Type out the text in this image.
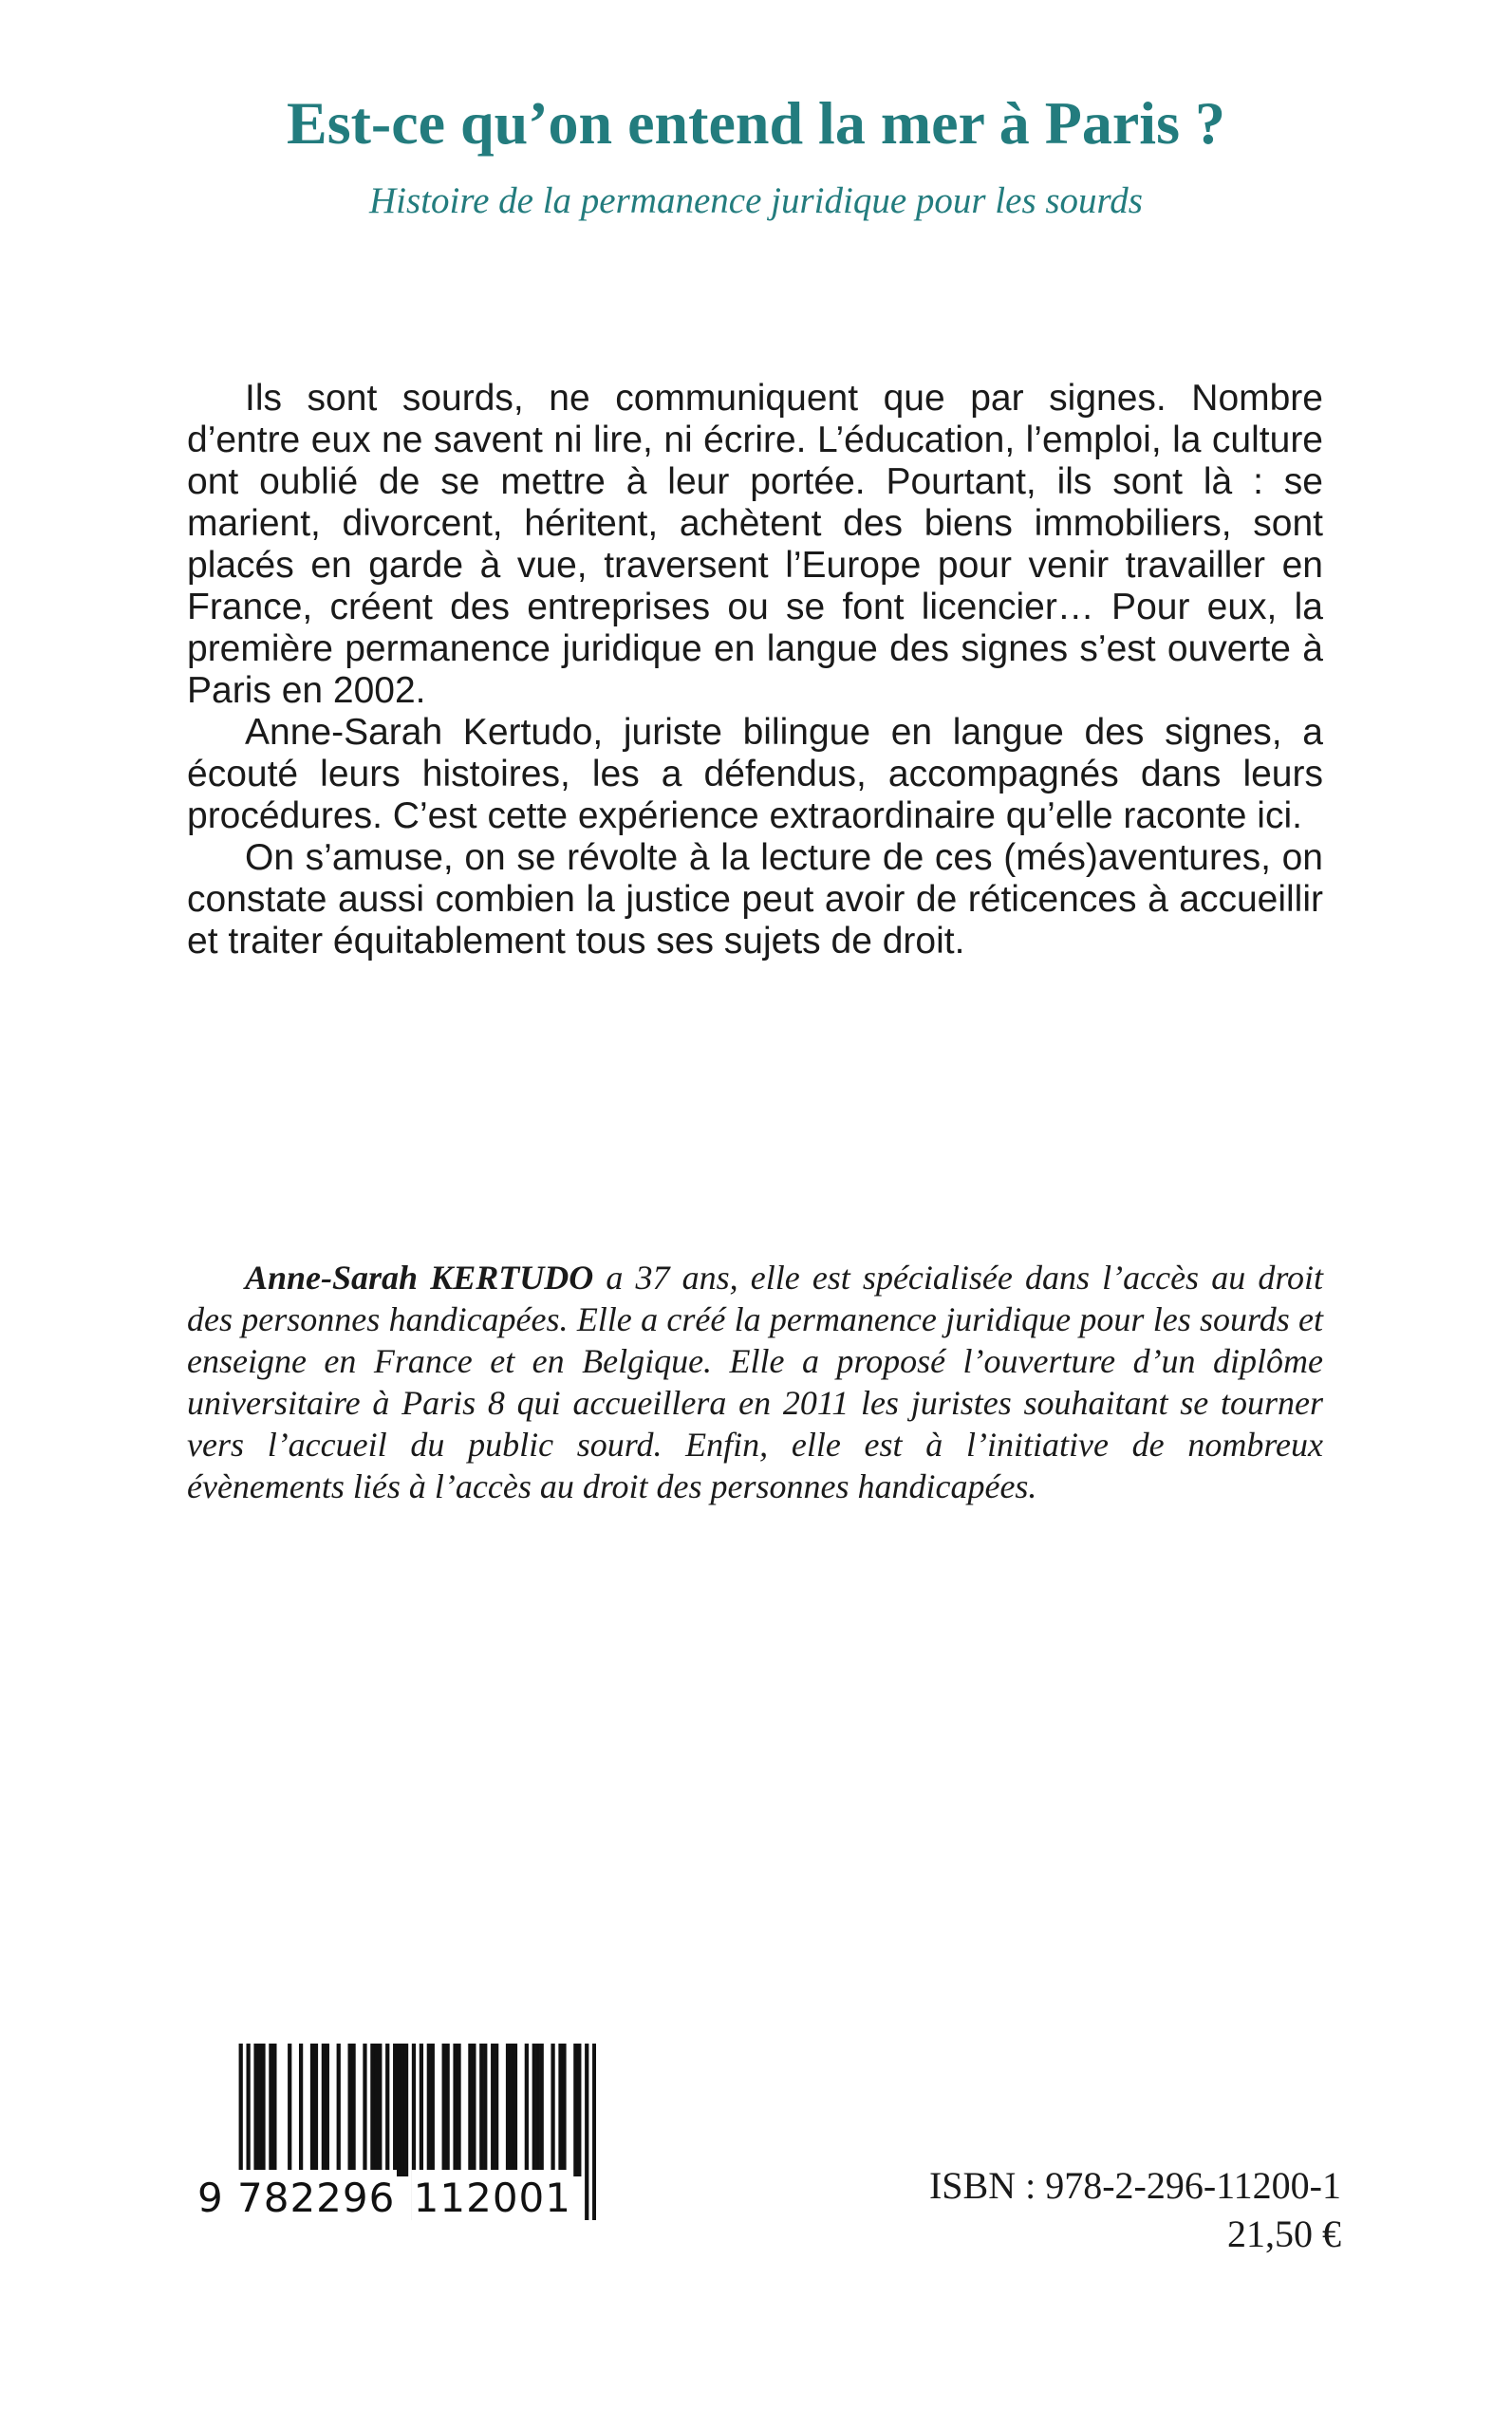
Est-ce qu’on entend la mer à Paris ?
Histoire de la permanence juridique pour les sourds

Ils sont sourds, ne communiquent que par signes. Nombre d’entre eux ne savent ni lire, ni écrire. L’éducation, l’emploi, la culture ont oublié de se mettre à leur portée. Pourtant, ils sont là : se marient, divorcent, héritent, achètent des biens immobiliers, sont placés en garde à vue, traversent l’Europe pour venir travailler en France, créent des entreprises ou se font licencier… Pour eux, la première permanence juridique en langue des signes s’est ouverte à Paris en 2002.

Anne-Sarah Kertudo, juriste bilingue en langue des signes, a écouté leurs histoires, les a défendus, accompagnés dans leurs procédures. C’est cette expérience extraordinaire qu’elle raconte ici.

On s’amuse, on se révolte à la lecture de ces (més)aventures, on constate aussi combien la justice peut avoir de réticences à accueillir et traiter équitablement tous ses sujets de droit.

Anne-Sarah KERTUDO a 37 ans, elle est spécialisée dans l’accès au droit des personnes handicapées. Elle a créé la permanence juridique pour les sourds et enseigne en France et en Belgique. Elle a proposé l’ouverture d’un diplôme universitaire à Paris 8 qui accueillera en 2011 les juristes souhaitant se tourner vers l’accueil du public sourd. Enfin, elle est à l’initiative de nombreux évènements liés à l’accès au droit des personnes handicapées.

9 782296 112001	ISBN : 978-2-296-11200-1

21,50 €
